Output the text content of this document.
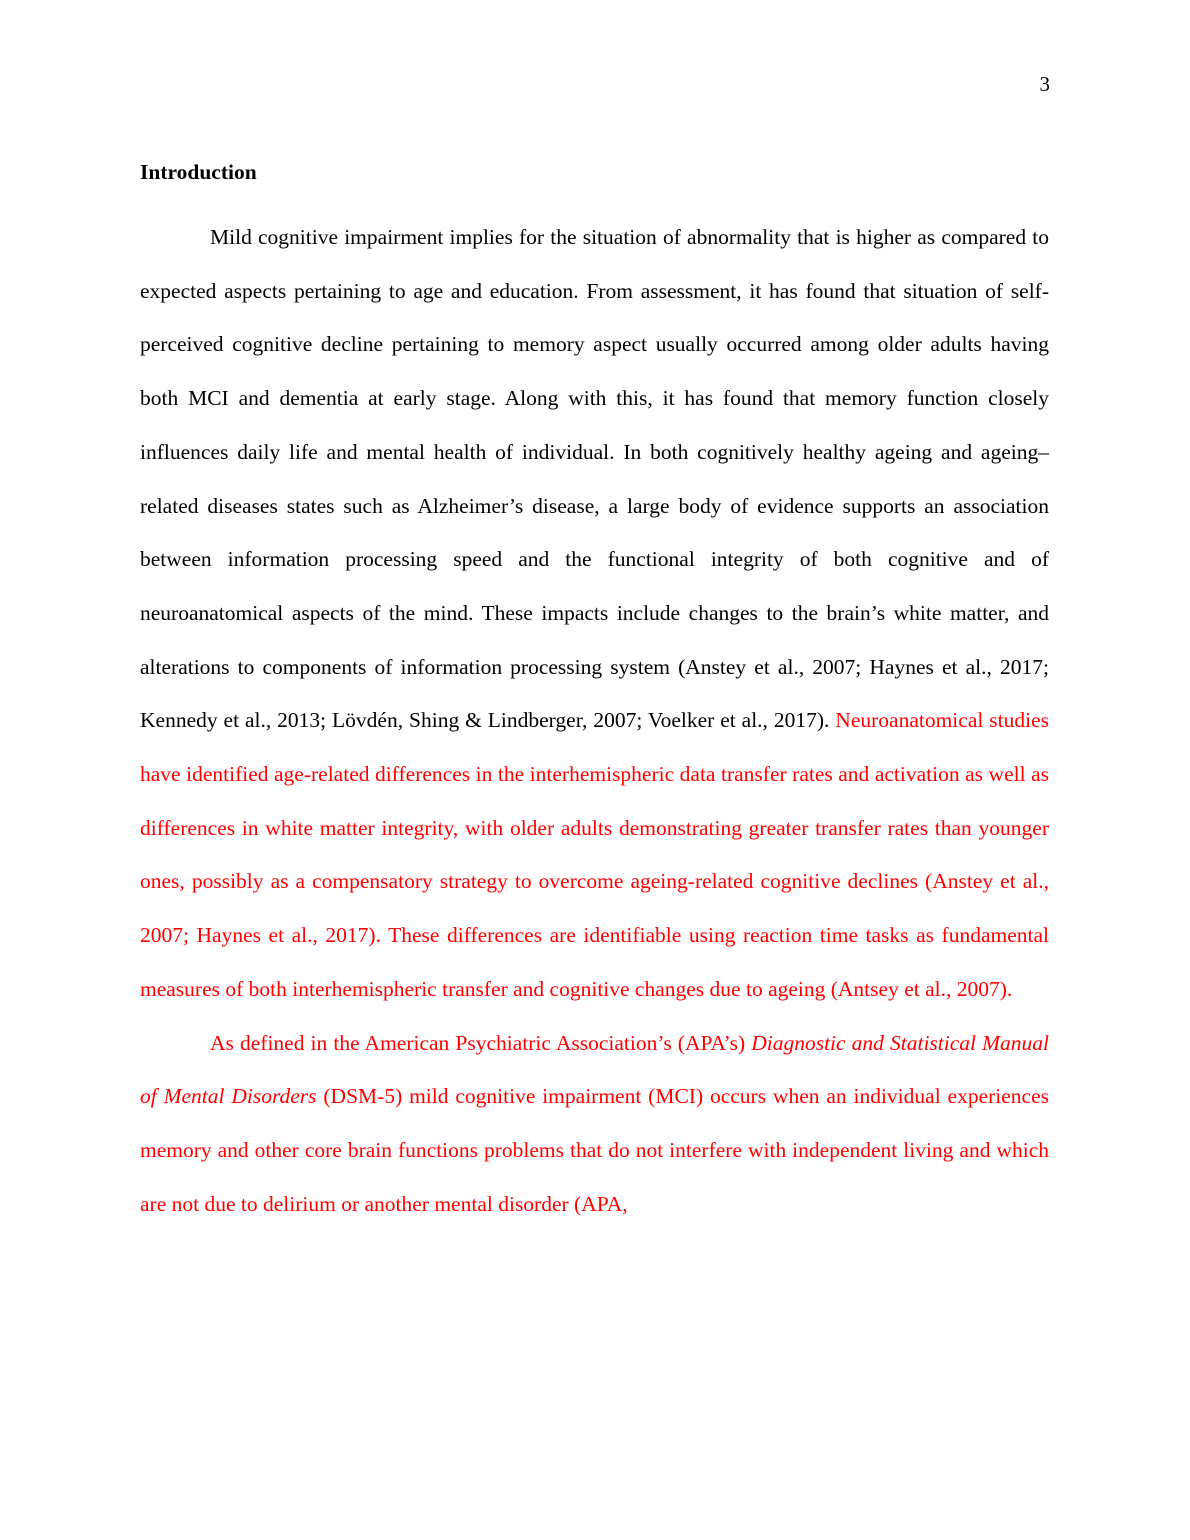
3
Introduction

Mild cognitive impairment implies for the situation of abnormality that is higher as compared to expected aspects pertaining to age and education. From assessment, it has found that situation of self-perceived cognitive decline pertaining to memory aspect usually occurred among older adults having both MCI and dementia at early stage. Along with this, it has found that memory function closely influences daily life and mental health of individual. In both cognitively healthy ageing and ageing–related diseases states such as Alzheimer’s disease, a large body of evidence supports an association between information processing speed and the functional integrity of both cognitive and of neuroanatomical aspects of the mind. These impacts include changes to the brain’s white matter, and alterations to components of information processing system (Anstey et al., 2007; Haynes et al., 2017; Kennedy et al., 2013; Lövdén, Shing & Lindberger, 2007; Voelker et al., 2017). Neuroanatomical studies have identified age-related differences in the interhemispheric data transfer rates and activation as well as differences in white matter integrity, with older adults demonstrating greater transfer rates than younger ones, possibly as a compensatory strategy to overcome ageing-related cognitive declines (Anstey et al., 2007; Haynes et al., 2017). These differences are identifiable using reaction time tasks as fundamental measures of both interhemispheric transfer and cognitive changes due to ageing (Antsey et al., 2007).

As defined in the American Psychiatric Association’s (APA’s) Diagnostic and Statistical Manual of Mental Disorders (DSM-5) mild cognitive impairment (MCI) occurs when an individual experiences memory and other core brain functions problems that do not interfere with independent living and which are not due to delirium or another mental disorder (APA,
